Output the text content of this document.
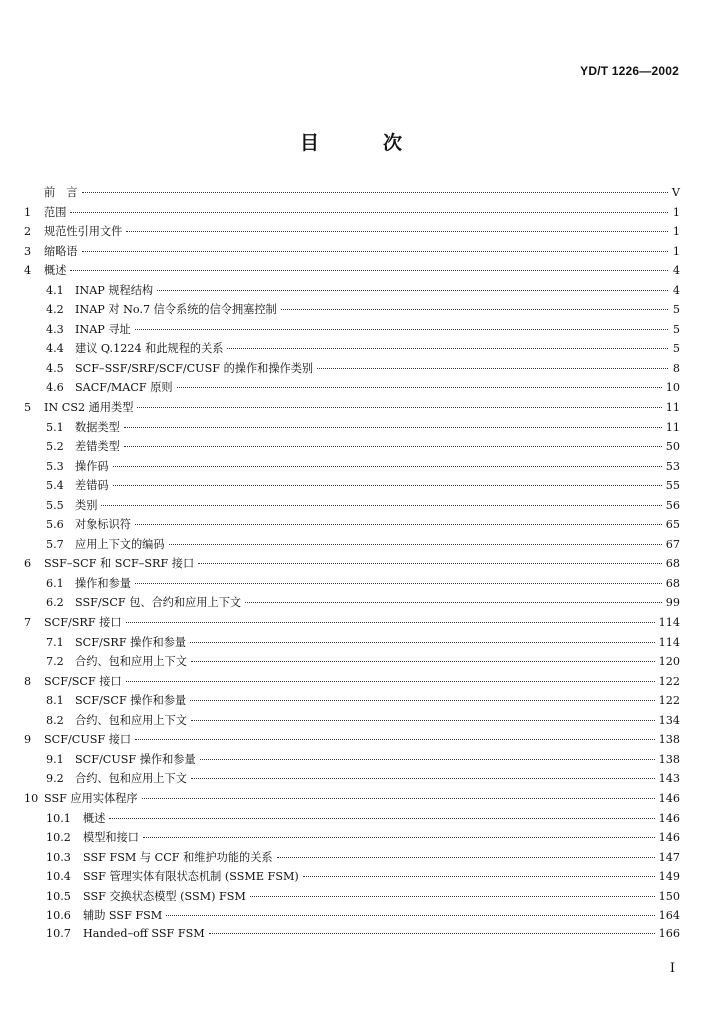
YD/T 1226—2002
目	次
前　言	V
1	范围	1
2	规范性引用文件	1
3	缩略语	1
4	概述	4
4.1	INAP 规程结构	4
4.2	INAP 对 No.7 信令系统的信令拥塞控制	5
4.3	INAP 寻址	5
4.4	建议 Q.1224 和此规程的关系	5
4.5	SCF–SSF/SRF/SCF/CUSF 的操作和操作类别	8
4.6	SACF/MACF 原则	10
5	IN CS2 通用类型	11
5.1	数据类型	11
5.2	差错类型	50
5.3	操作码	53
5.4	差错码	55
5.5	类别	56
5.6	对象标识符	65
5.7	应用上下文的编码	67
6	SSF–SCF 和 SCF–SRF 接口	68
6.1	操作和参量	68
6.2	SSF/SCF 包、合约和应用上下文	99
7	SCF/SRF 接口	114
7.1	SCF/SRF 操作和参量	114
7.2	合约、包和应用上下文	120
8	SCF/SCF 接口	122
8.1	SCF/SCF 操作和参量	122
8.2	合约、包和应用上下文	134
9	SCF/CUSF 接口	138
9.1	SCF/CUSF 操作和参量	138
9.2	合约、包和应用上下文	143
10 SSF 应用实体程序	146
10.1	概述	146
10.2	模型和接口	146
10.3	SSF FSM 与 CCF 和维护功能的关系	147
10.4	SSF 管理实体有限状态机制 (SSME FSM)	149
10.5	SSF 交换状态模型 (SSM) FSM	150
10.6	辅助 SSF FSM	164
10.7	Handed–off SSF FSM	166
I
